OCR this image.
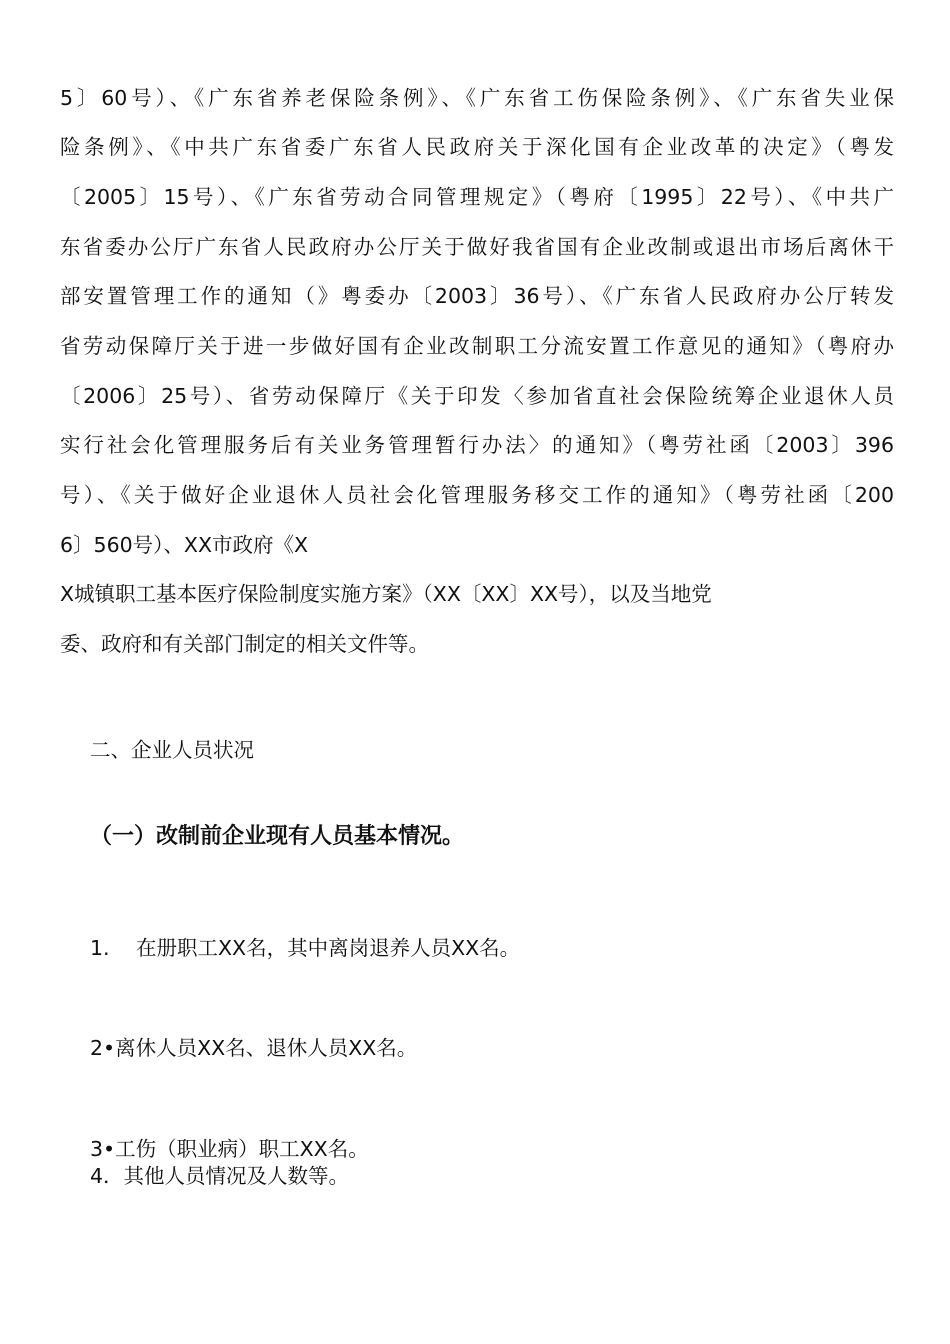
5〕60号）、《广东省养老保险条例》、《广东省工伤保险条例》、《广东省失业保
险条例》、《中共广东省委广东省人民政府关于深化国有企业改革的决定》（粤发
〔2005〕15号）、《广东省劳动合同管理规定》（粤府〔1995〕22号）、《中共广
东省委办公厅广东省人民政府办公厅关于做好我省国有企业改制或退出市场后离休干
部安置管理工作的通知（》粤委办〔2003〕36号）、《广东省人民政府办公厅转发
省劳动保障厅关于进一步做好国有企业改制职工分流安置工作意见的通知》（粤府办
〔2006〕25号）、省劳动保障厅《关于印发〈参加省直社会保险统筹企业退休人员
实行社会化管理服务后有关业务管理暂行办法〉的通知》（粤劳社函〔2003〕396
号）、《关于做好企业退休人员社会化管理服务移交工作的通知》（粤劳社函〔200
6〕560号）、XX市政府《X
X城镇职工基本医疗保险制度实施方案》（XX〔XX〕XX号），以及当地党
委、政府和有关部门制定的相关文件等。
二、企业人员状况
（一）改制前企业现有人员基本情况。
1. 在册职工XX名，其中离岗退养人员XX名。
2•离休人员XX名、退休人员XX名。
3•工伤（职业病）职工XX名。
4．其他人员情况及人数等。
